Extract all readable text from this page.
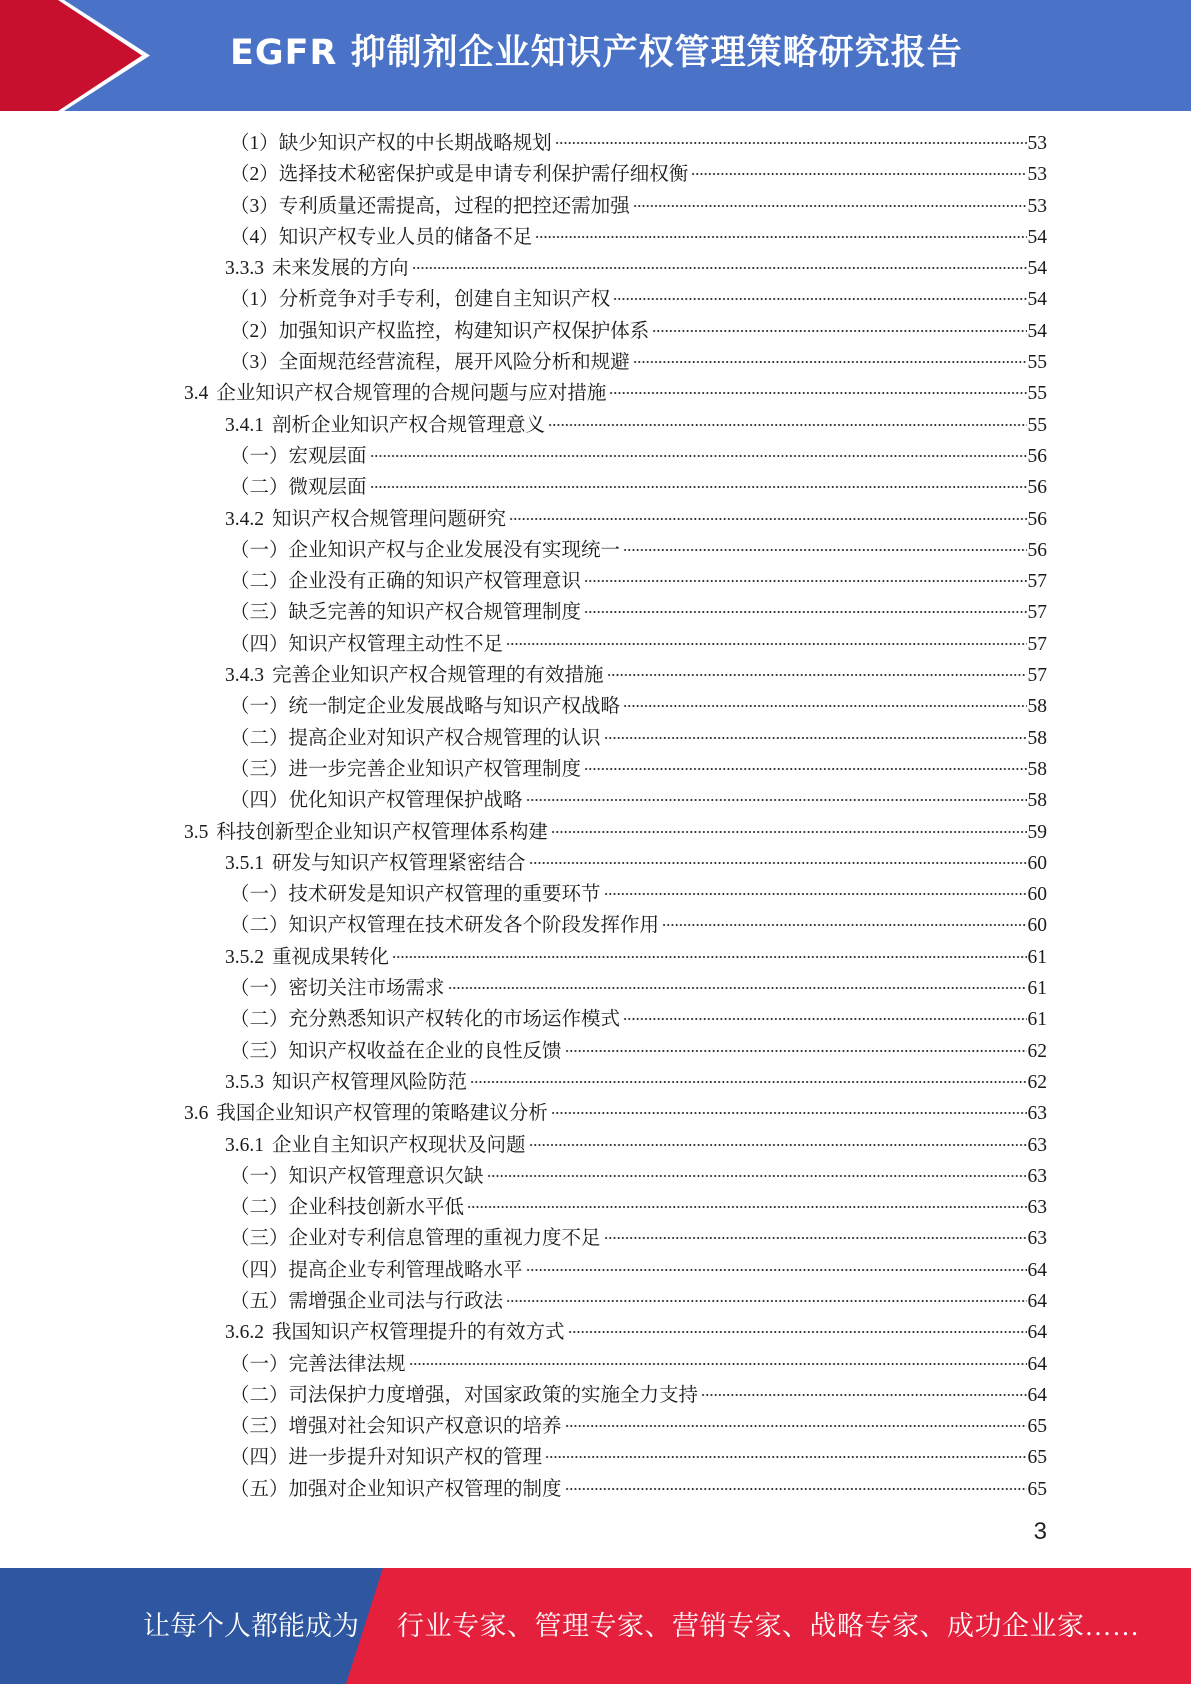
EGFR 抑制剂企业知识产权管理策略研究报告
（1）缺少知识产权的中长期战略规划	53
（2）选择技术秘密保护或是申请专利保护需仔细权衡	53
（3）专利质量还需提高，过程的把控还需加强	53
（4）知识产权专业人员的储备不足	54
3.3.3 未来发展的方向	54
（1）分析竞争对手专利，创建自主知识产权	54
（2）加强知识产权监控，构建知识产权保护体系	54
（3）全面规范经营流程，展开风险分析和规避	55
3.4 企业知识产权合规管理的合规问题与应对措施	55
3.4.1 剖析企业知识产权合规管理意义	55
（一）宏观层面	56
（二）微观层面	56
3.4.2 知识产权合规管理问题研究	56
（一）企业知识产权与企业发展没有实现统一	56
（二）企业没有正确的知识产权管理意识	57
（三）缺乏完善的知识产权合规管理制度	57
（四）知识产权管理主动性不足	57
3.4.3 完善企业知识产权合规管理的有效措施	57
（一）统一制定企业发展战略与知识产权战略	58
（二）提高企业对知识产权合规管理的认识	58
（三）进一步完善企业知识产权管理制度	58
（四）优化知识产权管理保护战略	58
3.5 科技创新型企业知识产权管理体系构建	59
3.5.1 研发与知识产权管理紧密结合	60
（一）技术研发是知识产权管理的重要环节	60
（二）知识产权管理在技术研发各个阶段发挥作用	60
3.5.2 重视成果转化	61
（一）密切关注市场需求	61
（二）充分熟悉知识产权转化的市场运作模式	61
（三）知识产权收益在企业的良性反馈	62
3.5.3 知识产权管理风险防范	62
3.6 我国企业知识产权管理的策略建议分析	63
3.6.1 企业自主知识产权现状及问题	63
（一）知识产权管理意识欠缺	63
（二）企业科技创新水平低	63
（三）企业对专利信息管理的重视力度不足	63
（四）提高企业专利管理战略水平	64
（五）需增强企业司法与行政法	64
3.6.2 我国知识产权管理提升的有效方式	64
（一）完善法律法规	64
（二）司法保护力度增强，对国家政策的实施全力支持	64
（三）增强对社会知识产权意识的培养	65
（四）进一步提升对知识产权的管理	65
（五）加强对企业知识产权管理的制度	65
3
让每个人都能成为 行业专家、管理专家、营销专家、战略专家、成功企业家……
